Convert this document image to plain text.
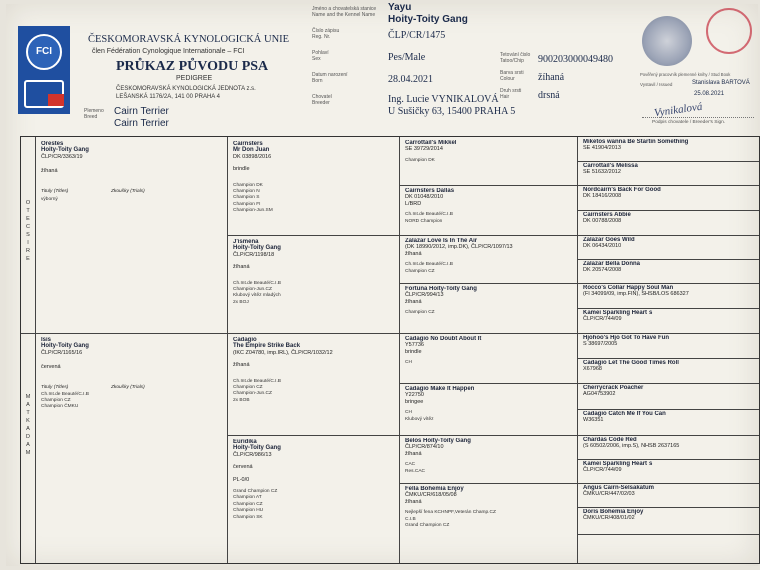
FCI
ČESKOMORAVSKÁ KYNOLOGICKÁ UNIE
člen Fédération Cynologique Internationale – FCI
PRŮKAZ PŮVODU PSA
PEDIGREE
ČESKOMORAVSKÁ KYNOLOGICKÁ JEDNOTA z.s.
LEŠANSKÁ 1176/2A, 141 00 PRAHA 4
Plemeno
Breed Cairn Terrier
Cairn Terrier
Jméno a chovatelská stanice
Name and the Kennel Name
Yayu
Hoity-Toity Gang
Číslo zápisu
Reg. Nr.	ČLP/CR/1475
Pohlaví
Sex	Pes/Male
Datum narození
Born	28.04.2021
Chovatel
Breeder	Ing. Lucie VYNIKALOVÁ
U Sušičky 63, 15400 PRAHA 5
Tetování čislo
Tatoo/Chip 900203000049480
Barva srsti
Colour žíhaná
Druh srsti
Hair	drsná
Pověřený pracovník plemenné knihy / Stud Book
Vystavil / Issued	Stanislava BARTOVÁ
25.08.2021
Vynikalová
Podpis chovatele / Breeder's Sign.
O
T
E
C
S
I
R
E
M
A
T
K
A
D
A
M
Orestes
Hoity-Toity Gang
ČLP/CR/3363/19
žíhaná
Tituly (Titles)	Zkoušky (Trials)
výborný
Isis
Hoity-Toity Gang
ČLP/CR/1165/16
červená
Tituly (Titles)	Zkoušky (Trials)
Ch.Int.de Beauté/C.I.B
Champion CZ
Champion ČMKU
Cairnsters
Mr Don Juan
DK 03898/2016
brindle
Champion DK
Champion N
Champion S
Champion FI
Champion-Jun.SM
J'ismena
Hoity-Toity Gang
ČLP/CR/1198/18
žíhaná
Ch.Int.de Beauté/C.I.B
Champion-Jun.CZ
Klubový vítěz mladých
2x BOJ
Cadagio
The Empire Strike Back
(IKC Z04780, imp.IRL), ČLP/CR/1032/12
žíhaná
Ch.Int.de Beauté/C.I.B
Champion CZ
Champion-Jun.CZ
2x BOB
Euridika
Hoity-Toity Gang
ČLP/CR/986/13
červená
PL-0/0
Grand Champion CZ
Champion AT
Champion CZ
Champion HU
Champion SK
Carrottail's Mikkel
SE 39729/2014
Champion DK
Cairnsters Dallas
DK 01048/2010
L/BRD
Ch.Int.de Beauté/C.I.B
NORD Champion
Zalazar Love Is In The Air
(DK 18990/2012, imp.DK), ČLP/CR/1097/13
žíhaná
Ch.Int.de Beauté/C.I.B
Champion CZ
Fortuna Hoity-Toity Gang
ČLP/CR/994/13
žíhaná
Champion CZ
Cadagio No Doubt About It
Y57736
brindle
CH
Cadagio Make It Happen
Y22750
bringee
CH
Klubový vítěz
Belos Hoity-Toity Gang
ČLP/CR/874/10
žíhaná
CAC
Res.CAC
Fella Bohemia Enjoy
ČMKU/CR/618/05/08
žíhaná
Nejlepší fena KCHNPF,Veterán Champ.CZ
C.I.B
Grand Champion CZ
Miketos wanna Be Startin Something
SE 41904/2013
Carrottail's Melissa
SE 51632/2012
Nordcairn's Back For Good
DK 18416/2008
Cairnsters Abbie
DK 00788/2008
Zalazar Goes Wild
DK 06434/2010
Zalazar Bella Donna
DK 20574/2008
Rocco's Collar Happy Soul Man
(FI 34099/09, imp.FIN), SHSB/LOS 686327
Kamei Sparkling Heart´s
ČLP/CR/744/09
Hjohoo's Hjo Got To Have Fun
S 38697/2005
Cadagio Let The Good Times Roll
X67968
Cherrycrack Poacher
AG04753902
Cadagio Catch Me If You Can
W36351
Chardas Code Red
(S 60502/2006, imp.S), NHSB 2637165
Kamei Sparkling Heart´s
ČLP/CR/744/09
Angus Cairn-Selsakatum
ČMKU/CR/447/02/03
Doris Bohemia Enjoy
ČMKU/CR/408/01/02
